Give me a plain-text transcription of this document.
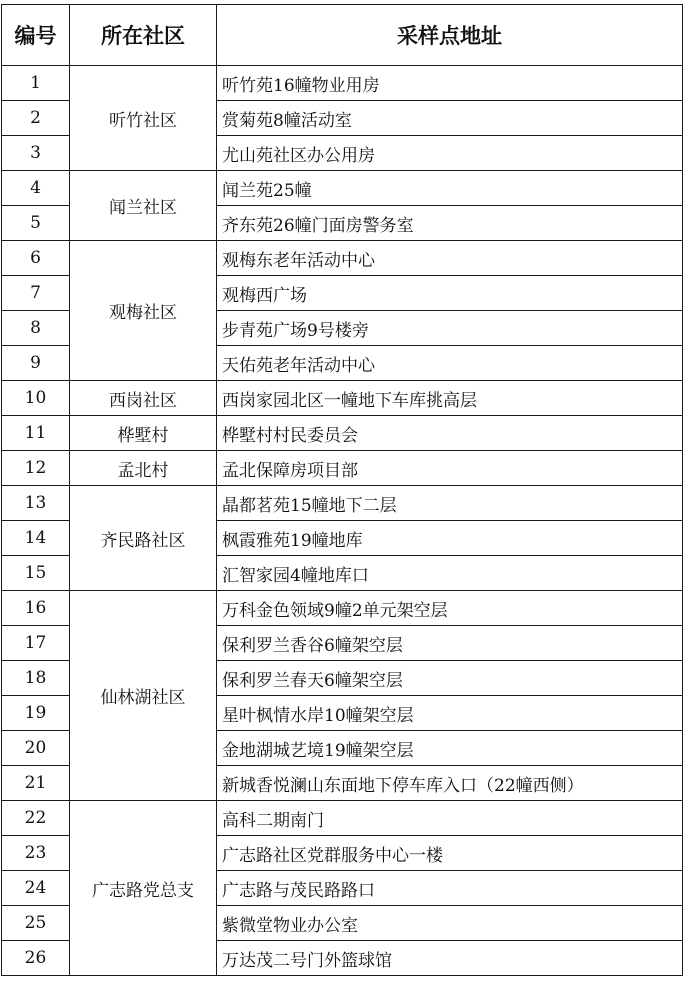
编号	所在社区	采样点地址
1	听竹社区	听竹苑16幢物业用房
2		赏菊苑8幢活动室
3		尤山苑社区办公用房
4	闻兰社区	闻兰苑25幢
5		齐东苑26幢门面房警务室
6	观梅社区	观梅东老年活动中心
7		观梅西广场
8		步青苑广场9号楼旁
9		天佑苑老年活动中心
10	西岗社区	西岗家园北区一幢地下车库挑高层
11	桦墅村	桦墅村村民委员会
12	孟北村	孟北保障房项目部
13	齐民路社区	晶都茗苑15幢地下二层
14		枫霞雅苑19幢地库
15		汇智家园4幢地库口
16	仙林湖社区	万科金色领域9幢2单元架空层
17		保利罗兰香谷6幢架空层
18		保利罗兰春天6幢架空层
19		星叶枫情水岸10幢架空层
20		金地湖城艺境19幢架空层
21		新城香悦澜山东面地下停车库入口（22幢西侧）
22	广志路党总支	高科二期南门
23		广志路社区党群服务中心一楼
24		广志路与茂民路路口
25		紫微堂物业办公室
26		万达茂二号门外篮球馆
